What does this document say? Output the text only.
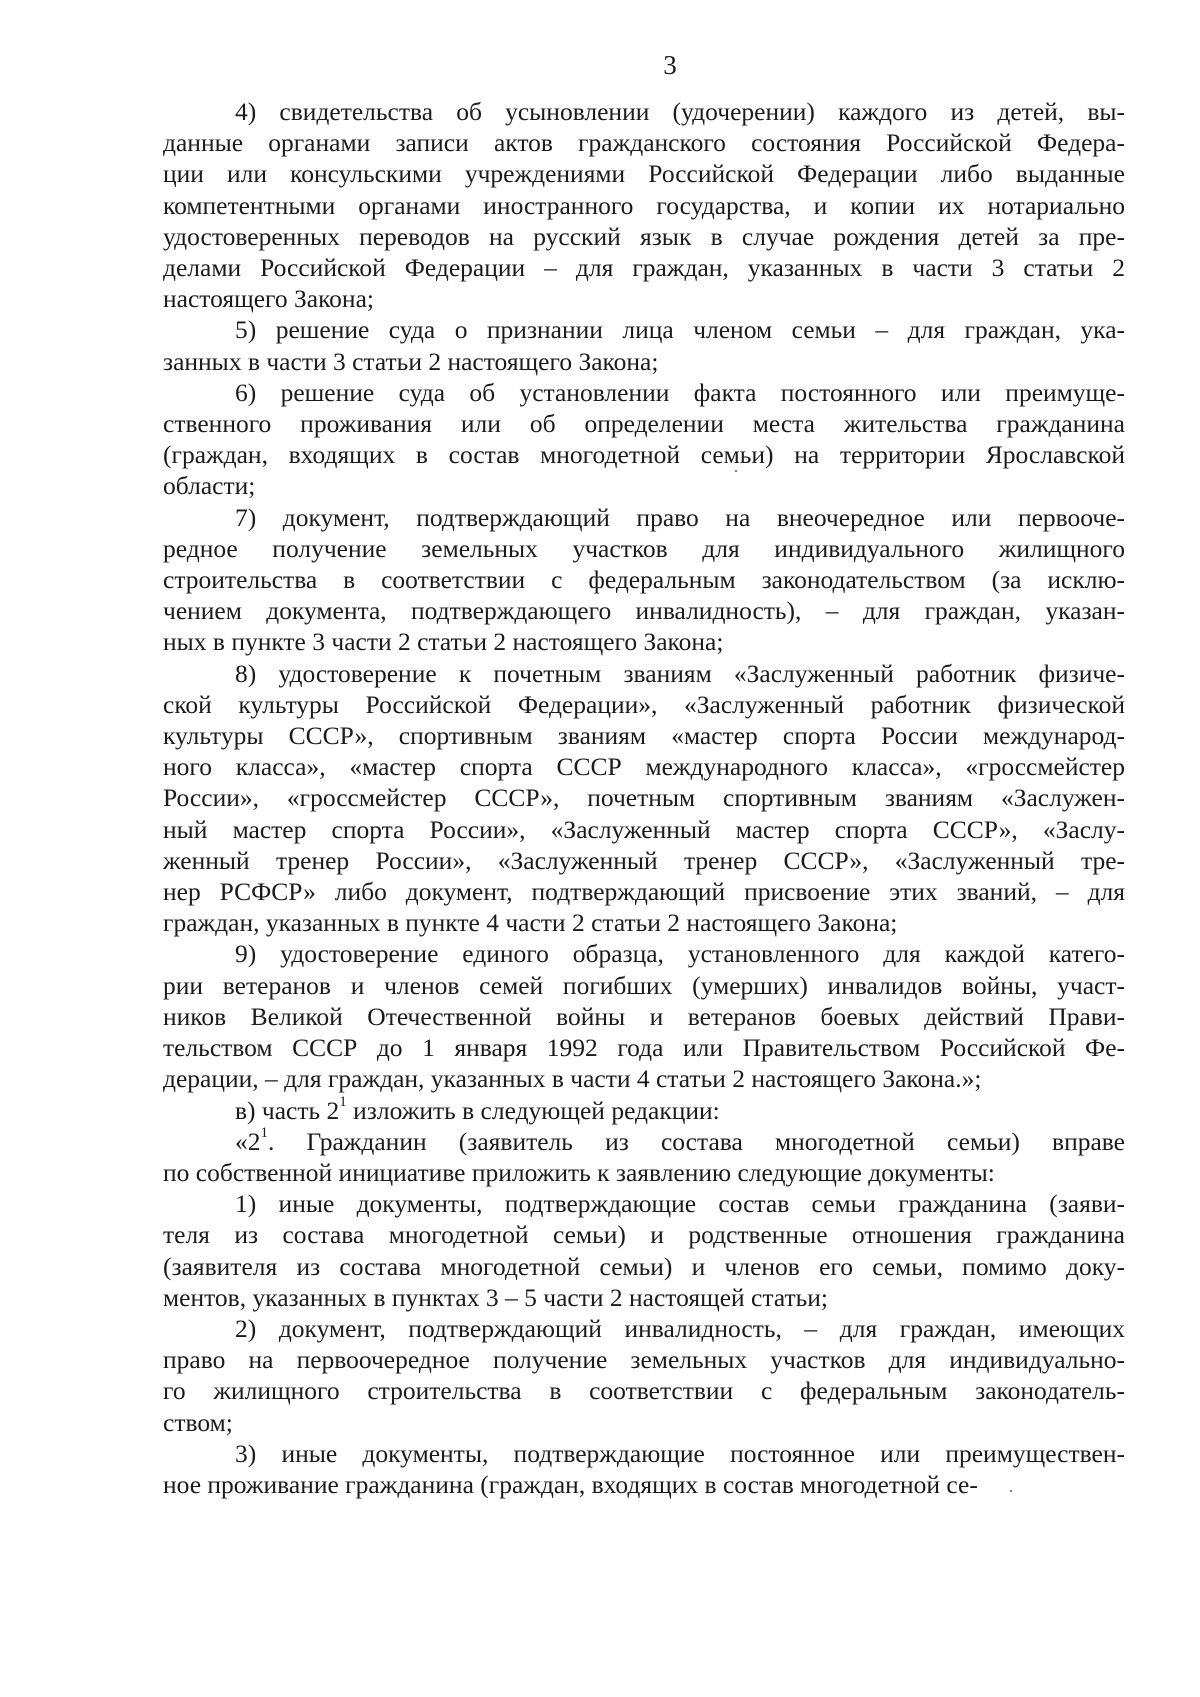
3

4) свидетельства об усыновлении (удочерении) каждого из детей, вы-
данные органами записи актов гражданского состояния Российской Федера-
ции или консульскими учреждениями Российской Федерации либо выданные
компетентными органами иностранного государства, и копии их нотариально
удостоверенных переводов на русский язык в случае рождения детей за пре-
делами Российской Федерации – для граждан, указанных в части 3 статьи 2
настоящего Закона;

5) решение суда о признании лица членом семьи – для граждан, ука-
занных в части 3 статьи 2 настоящего Закона;

6) решение суда об установлении факта постоянного или преимуще-
ственного проживания или об определении места жительства гражданина
(граждан, входящих в состав многодетной семьи) на территории Ярославской
области;

7) документ, подтверждающий право на внеочередное или первооче-
редное получение земельных участков для индивидуального жилищного
строительства в соответствии с федеральным законодательством (за исклю-
чением документа, подтверждающего инвалидность), – для граждан, указан-
ных в пункте 3 части 2 статьи 2 настоящего Закона;

8) удостоверение к почетным званиям «Заслуженный работник физиче-
ской культуры Российской Федерации», «Заслуженный работник физической
культуры СССР», спортивным званиям «мастер спорта России международ-
ного класса», «мастер спорта СССР международного класса», «гроссмейстер
России», «гроссмейстер СССР», почетным спортивным званиям «Заслужен-
ный мастер спорта России», «Заслуженный мастер спорта СССР», «Заслу-
женный тренер России», «Заслуженный тренер СССР», «Заслуженный тре-
нер РСФСР» либо документ, подтверждающий присвоение этих званий, – для
граждан, указанных в пункте 4 части 2 статьи 2 настоящего Закона;

9) удостоверение единого образца, установленного для каждой катего-
рии ветеранов и членов семей погибших (умерших) инвалидов войны, участ-
ников Великой Отечественной войны и ветеранов боевых действий Прави-
тельством СССР до 1 января 1992 года или Правительством Российской Фе-
дерации, – для граждан, указанных в части 4 статьи 2 настоящего Закона.»;

в) часть $2^1$ изложить в следующей редакции:

«$2^1$. Гражданин (заявитель из состава многодетной семьи) вправе
по собственной инициативе приложить к заявлению следующие документы:

1) иные документы, подтверждающие состав семьи гражданина (заяви-
теля из состава многодетной семьи) и родственные отношения гражданина
(заявителя из состава многодетной семьи) и членов его семьи, помимо доку-
ментов, указанных в пунктах 3 – 5 части 2 настоящей статьи;

2) документ, подтверждающий инвалидность, – для граждан, имеющих
право на первоочередное получение земельных участков для индивидуально-
го жилищного строительства в соответствии с федеральным законодатель-
ством;

3) иные документы, подтверждающие постоянное или преимуществен-
ное проживание гражданина (граждан, входящих в состав многодетной се-
